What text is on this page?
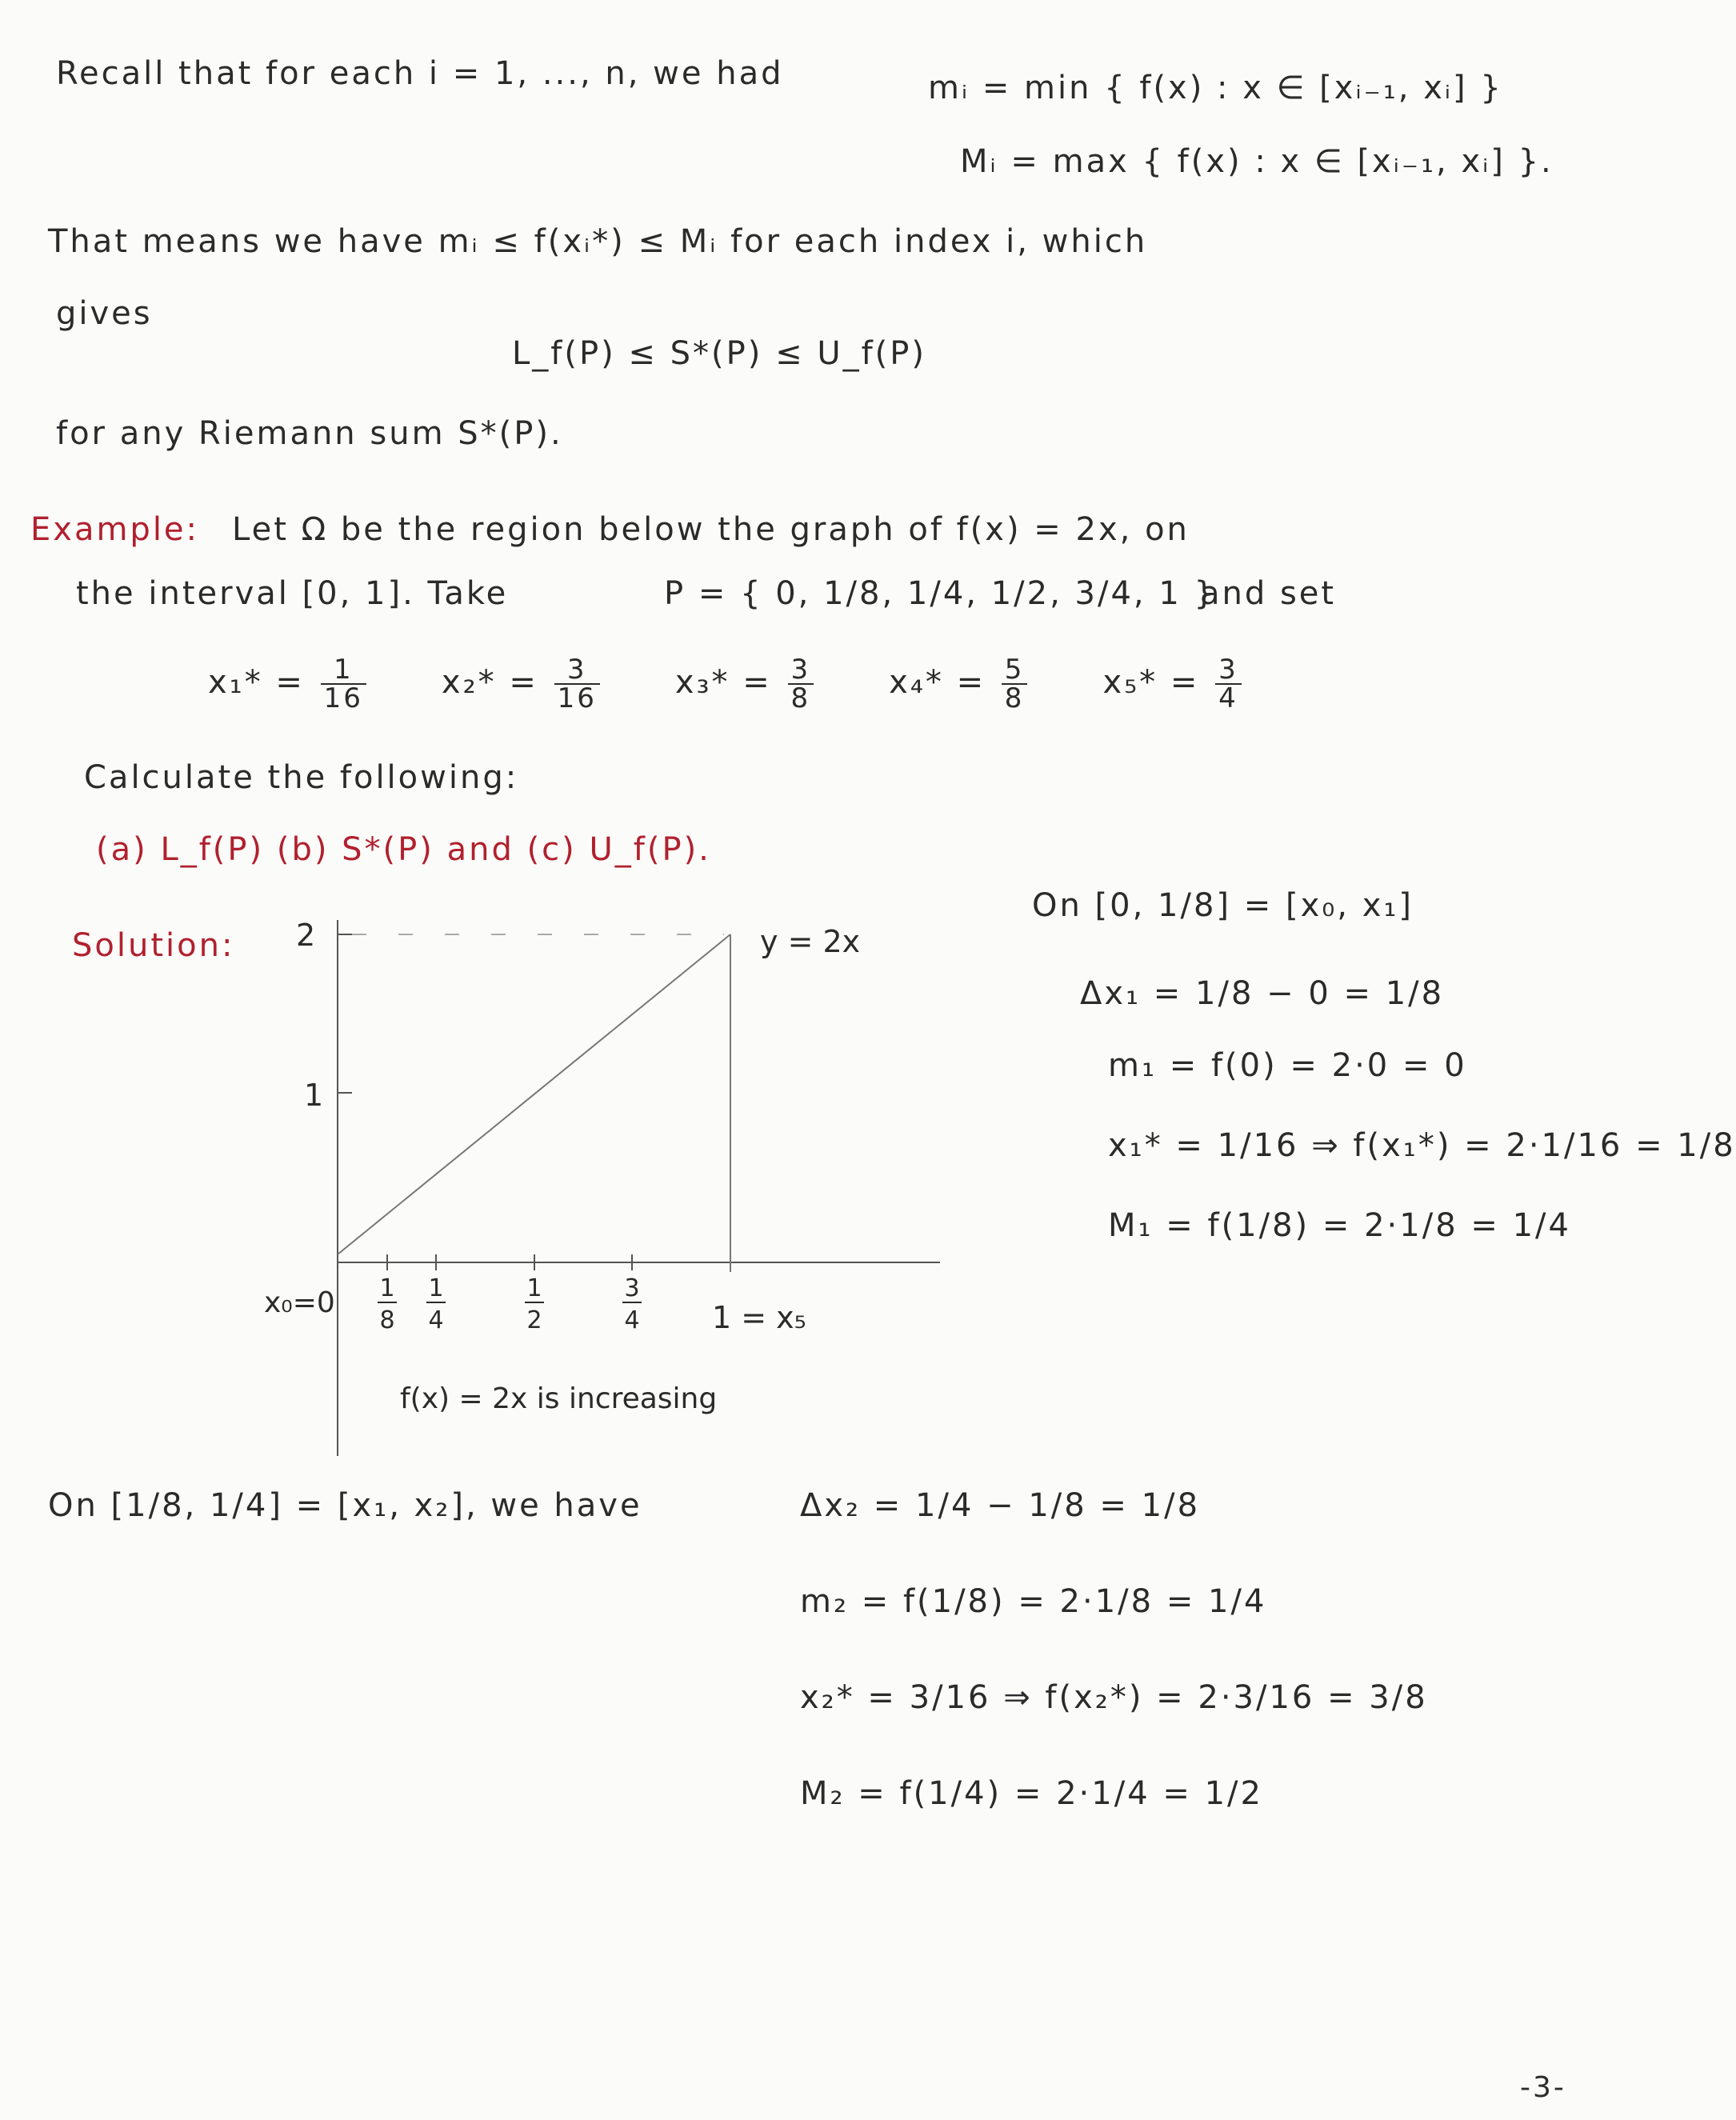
Recall that for each i = 1, ..., n, we had	mᵢ = min { f(x) : x ∈ [xᵢ₋₁, xᵢ] }
Mᵢ = max { f(x) : x ∈ [xᵢ₋₁, xᵢ] }.
That means we have mᵢ ≤ f(xᵢ*) ≤ Mᵢ for each index i, which
gives
L_f(P) ≤ S*(P) ≤ U_f(P)
for any Riemann sum S*(P).
Example: Let Ω be the region below the graph of f(x) = 2x, on
the interval [0, 1]. Take	P = { 0, 1/8, 1/4, 1/2, 3/4, 1 }
and set
$x_1* = \frac{1}{16} x_2* = \frac{3}{16} x_3* = \frac{3}{8} x_4* = \frac{5}{8} x_5* = \frac{3}{4}$
Calculate the following:
(a) L_f(P) (b) S*(P) and (c) U_f(P).
Solution: 2
1
y = 2x
x₀=0 1
8
1
4
1
2
3
4 1 = x₅
f(x) = 2x is increasing
On [0, 1/8] = [x₀, x₁]
Δx₁ = 1/8 − 0 = 1/8
m₁ = f(0) = 2·0 = 0
x₁* = 1/16 ⇒ f(x₁*) = 2·1/16 = 1/8
M₁ = f(1/8) = 2·1/8 = 1/4
On [1/8, 1/4] = [x₁, x₂], we have	Δx₂ = 1/4 − 1/8 = 1/8
m₂ = f(1/8) = 2·1/8 = 1/4
x₂* = 3/16 ⇒ f(x₂*) = 2·3/16 = 3/8
M₂ = f(1/4) = 2·1/4 = 1/2
-3-
